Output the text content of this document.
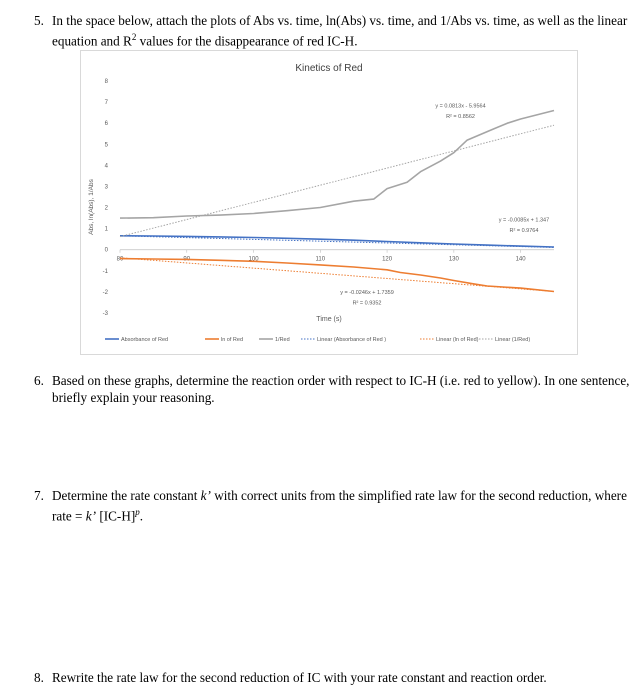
5. In the space below, attach the plots of Abs vs. time, ln(Abs) vs. time, and 1/Abs vs. time, as well as the linear equation and $R^2$ values for the disappearance of red IC-H.
Kinetics of Red
8
7
6
5
4
3
2
1
0
-1
-2
-3
80	90	100	110	120	130	140
Time (s)
Abs, ln(Abs), 1/Abs
y = 0.0813x - 5.9564
R² = 0.8562
y = -0.0085x + 1.347
R² = 0.9764
y = -0.0246x + 1.7359
R² = 0.9352
Absorbance of Red	ln of Red	1/Red	Linear (Absorbance of Red )	Linear (ln of Red)	Linear (1/Red)
6. Based on these graphs, determine the reaction order with respect to IC-H (i.e. red to yellow). In one sentence, briefly explain your reasoning.
7. Determine the rate constant k’ with correct units from the simplified rate law for the second reduction, where rate = k’ $[IC-H]^p$.
8. Rewrite the rate law for the second reduction of IC with your rate constant and reaction order.
